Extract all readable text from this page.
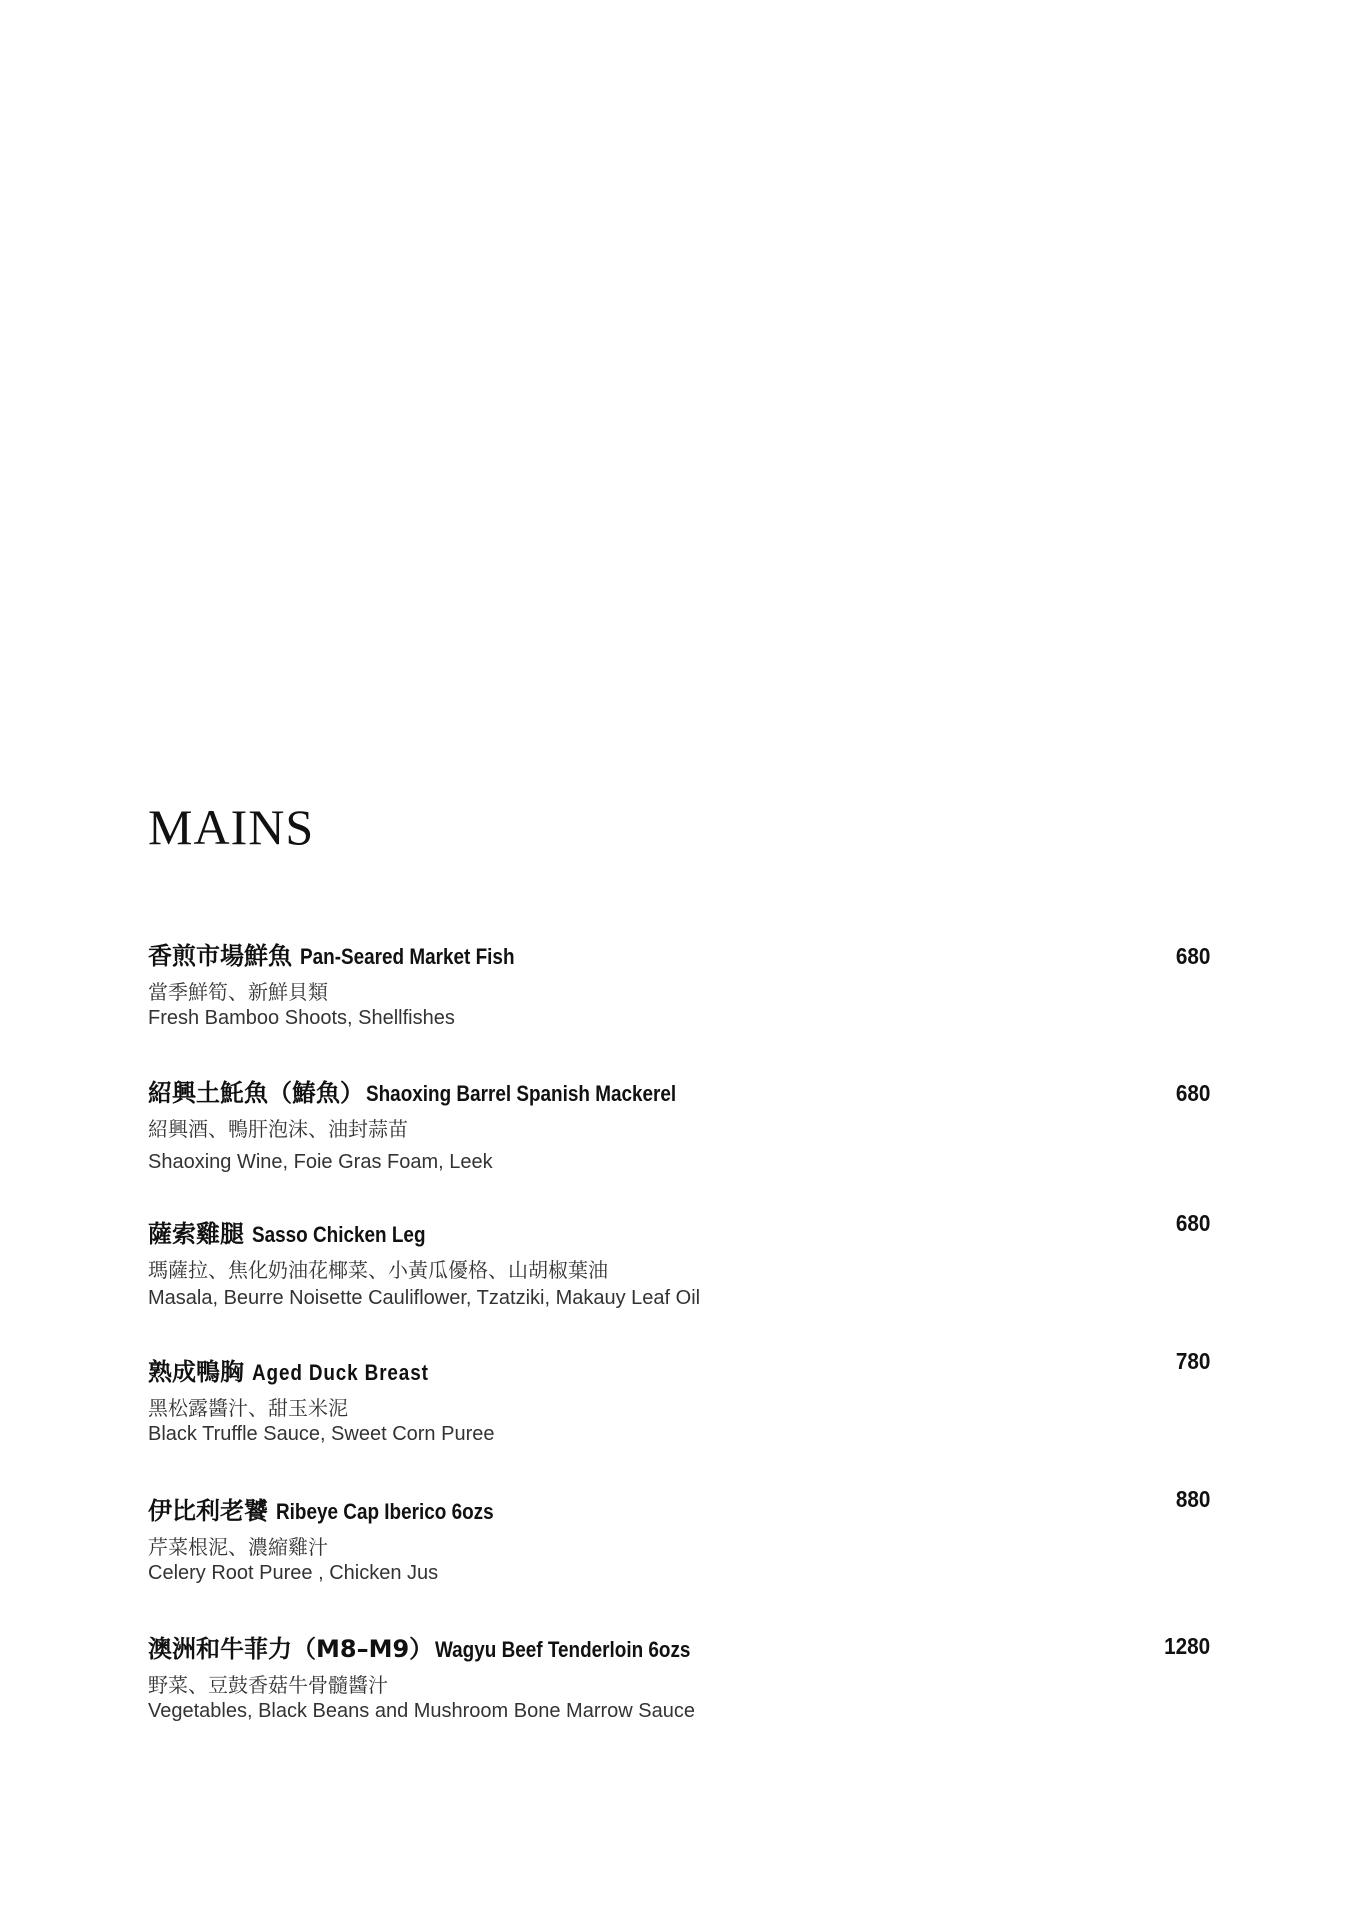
MAINS
香煎市場鮮魚 Pan-Seared Market Fish	680
當季鮮筍、新鮮貝類
Fresh Bamboo Shoots, Shellfishes
紹興土魠魚（鰆魚）Shaoxing Barrel Spanish Mackerel	680
紹興酒、鴨肝泡沫、油封蒜苗
Shaoxing Wine, Foie Gras Foam, Leek
薩索雞腿 Sasso Chicken Leg	680
瑪薩拉、焦化奶油花椰菜、小黃瓜優格、山胡椒葉油
Masala, Beurre Noisette Cauliflower, Tzatziki, Makauy Leaf Oil
熟成鴨胸 Aged Duck Breast	780
黑松露醬汁、甜玉米泥
Black Truffle Sauce, Sweet Corn Puree
伊比利老饕 Ribeye Cap Iberico 6ozs	880
芹菜根泥、濃縮雞汁
Celery Root Puree , Chicken Jus
澳洲和牛菲力（M8–M9）Wagyu Beef Tenderloin 6ozs	1280
野菜、豆鼓香菇牛骨髓醬汁
Vegetables, Black Beans and Mushroom Bone Marrow Sauce
